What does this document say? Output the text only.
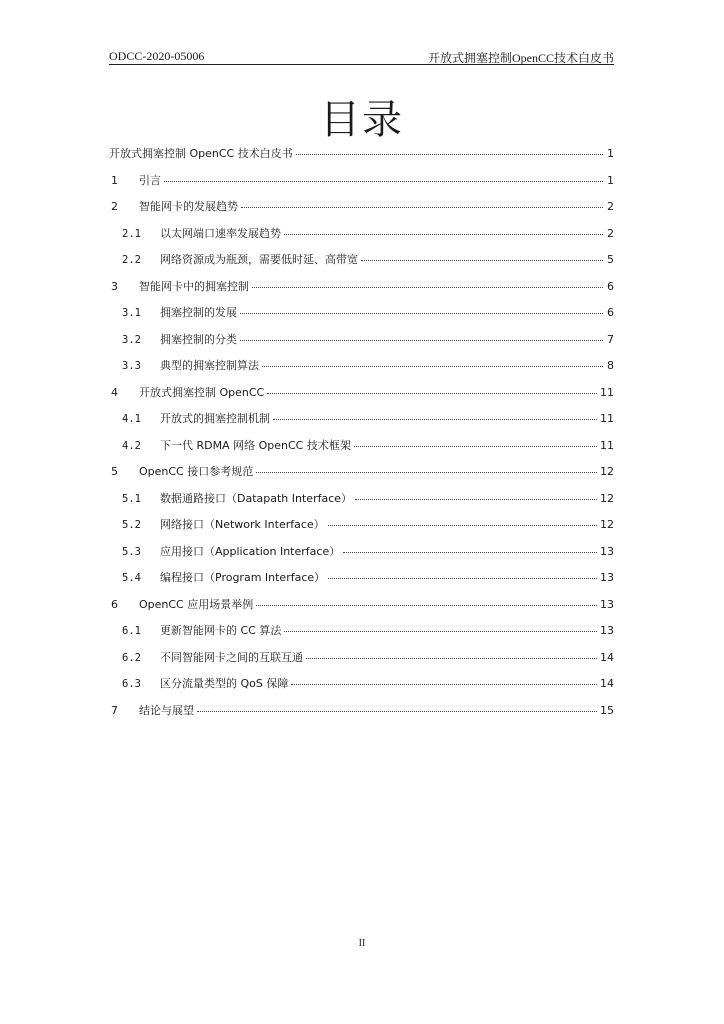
ODCC-2020-05006	开放式拥塞控制OpenCC技术白皮书
目录
开放式拥塞控制 OpenCC 技术白皮书	1
1	引言	1
2	智能网卡的发展趋势	2
2.1	以太网端口速率发展趋势	2
2.2	网络资源成为瓶颈，需要低时延、高带宽	5
3	智能网卡中的拥塞控制	6
3.1	拥塞控制的发展	6
3.2	拥塞控制的分类	7
3.3	典型的拥塞控制算法	8
4	开放式拥塞控制 OpenCC	11
4.1	开放式的拥塞控制机制	11
4.2	下一代 RDMA 网络 OpenCC 技术框架	11
5	OpenCC 接口参考规范	12
5.1	数据通路接口（Datapath Interface）	12
5.2	网络接口（Network Interface）	12
5.3	应用接口（Application Interface）	13
5.4	编程接口（Program Interface）	13
6	OpenCC 应用场景举例	13
6.1	更新智能网卡的 CC 算法	13
6.2	不同智能网卡之间的互联互通	14
6.3	区分流量类型的 QoS 保障	14
7	结论与展望	15
II
